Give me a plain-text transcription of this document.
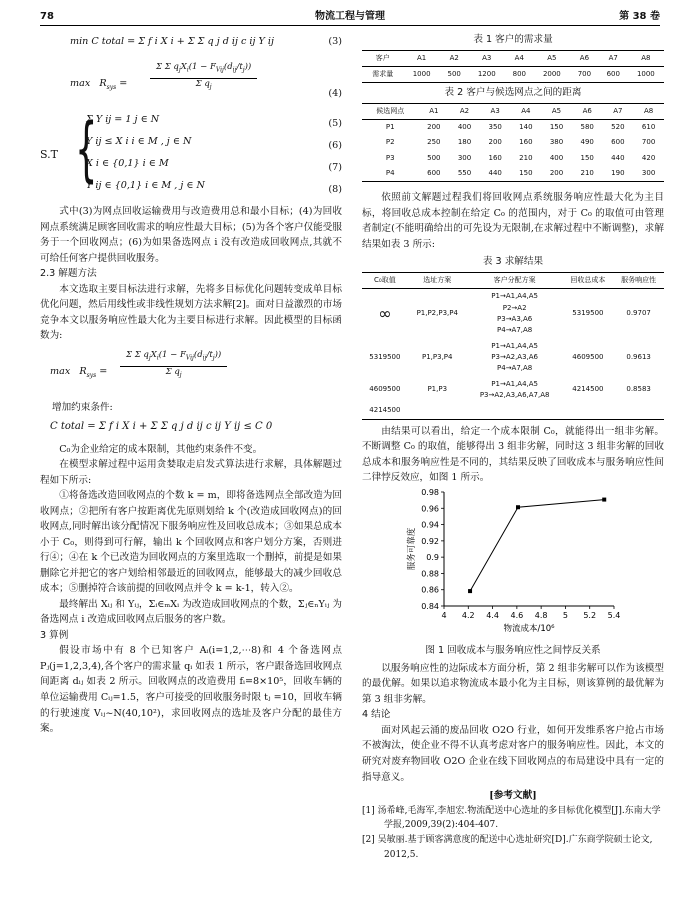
78	物流工程与管理	第 38 卷
min C total = Σ f i X i + Σ Σ q j d ij c ij Y ij	(3)
$\max R_{sys}$ =
Σ Σ $q_jX_i(1 - F_{Vij}(d_{ij}/t_j))$
Σ $q_j$
(4)
S.T {
Σ Y ij = 1 j ∈ N	(5)
Y ij ≤ X i i ∈ M , j ∈ N	(6)
X i ∈ {0,1} i ∈ M	(7)
Y ij ∈ {0,1} i ∈ M , j ∈ N	(8)

式中(3)为网点回收运输费用与改造费用总和最小目标；(4)为回收网点系统满足顾客回收需求的响应性最大目标；(5)为各个客户仅能受服务于一个回收网点；(6)为如果备选网点 i 没有改造成回收网点,其就不可给任何客户提供回收服务。

2.3 解题方法

本文选取主要目标法进行求解，先将多目标优化问题转变成单目标优化问题，然后用线性或非线性规划方法求解[2]。面对日益激烈的市场竞争本文以服务响应性最大化为主要目标进行求解。因此模型的目标函数为:

$\max R_{sys}$ =
Σ Σ $q_jX_i(1 - F_{Vij}(d_{ij}/t_j))$
Σ $q_j$

增加约束条件:

C total = Σ f i X i + Σ Σ q j d ij c ij Y ij ≤ C 0

C₀为企业给定的成本限制，其他约束条件不变。

在模型求解过程中运用贪婪取走启发式算法进行求解，具体解题过程如下所示:

①将备选改造回收网点的个数 k = m，即将备选网点全部改造为回收网点；②把所有客户按距离优先原则划给 k 个(改造成回收网点)的回收网点,同时解出该分配情况下服务响应性及回收总成本；③如果总成本小于 C₀，则得到可行解，输出 k 个回收网点和客户划分方案，否则进行④；④在 k 个已改造为回收网点的方案里选取一个删掉，前提是如果删除它并把它的客户划给相邻最近的回收网点，能够最大的减少回收总成本；⑤删掉符合该前提的回收网点并令 k = k-1，转入②。

最终解出 Xᵢⱼ 和 Yᵢⱼ，Σᵢ∈ₘXᵢ 为改造成回收网点的个数，Σⱼ∈ₙYᵢⱼ 为备选网点 i 改造成回收网点后服务的客户数。

3 算例

假设市场中有 8 个已知客户 Aᵢ(i=1,2,⋯8)和 4 个备选网点 Pⱼ(j=1,2,3,4),各个客户的需求量 qᵢ 如表 1 所示，客户跟备选回收网点间距离 dᵢⱼ 如表 2 所示。回收网点的改造费用 fᵢ=8×10⁵，回收车辆的单位运输费用 Cᵢⱼ=1.5，客户可接受的回收服务时限 tⱼ =10，回收车辆的行驶速度 Vᵢⱼ~N(40,10²)，求回收网点的选址及客户分配的最佳方案。

表 1 客户的需求量

客户	A1	A2	A3	A4	A5	A6	A7	A8
需求量	1000	500	1200	800	2000	700	600	1000

表 2 客户与候选网点之间的距离

候选网点	A1	A2	A3	A4	A5	A6	A7	A8
P1	200	400	350	140	150	580	520	610
P2	250	180	200	160	380	490	600	700
P3	500	300	160	210	400	150	440	420
P4	600	550	440	150	200	210	190	300

依照前文解题过程我们将回收网点系统服务响应性最大化为主目标，将回收总成本控制在给定 C₀ 的范围内，对于 C₀ 的取值可由管理者制定(不能明确给出的可先设为无限制,在求解过程中不断调整)，求解结果如表 3 所示:

表 3 求解结果

C₀取值	选址方案	客户分配方案	回收总成本	服务响应性
∞	P1,P2,P3,P4	P1→A1,A4,A5
P2→A2
P3→A3,A6
P4→A7,A8	5319500	0.9707
5319500	P1,P3,P4	P1→A1,A4,A5
P3→A2,A3,A6
P4→A7,A8	4609500	0.9613
4609500	P1,P3	P1→A1,A4,A5
P3→A2,A3,A6,A7,A8	4214500	0.8583
4214500				

由结果可以看出，给定一个成本限制 C₀，就能得出一组非劣解。不断调整 C₀ 的取值，能够得出 3 组非劣解，同时这 3 组非劣解的回收总成本和服务响应性是不同的，其结果反映了回收成本与服务响应性间二律悖反效应，如图 1 所示。

4 4.2 4.4 4.6 4.8 5 5.2 5.4
0.84
0.86
0.88
0.9
0.92
0.94
0.96
0.98
物流成本/10⁶
服务可靠度

图 1 回收成本与服务响应性之间悖反关系

以服务响应性的边际成本方面分析，第 2 组非劣解可以作为该模型的最优解。如果以追求物流成本最小化为主目标，则该算例的最优解为第 3 组非劣解。

4 结论

面对风起云涌的废品回收 O2O 行业，如何开发维系客户抢占市场不被淘汰，使企业不得不认真考虑对客户的服务响应性。因此，本文的研究对废弃物回收 O2O 企业在线下回收网点的布局建设中具有一定的指导意义。

[参考文献]

[1] 汤希峰,毛海军,李旭宏.物流配送中心选址的多目标优化模型[J].东南大学学报,2009,39(2):404-407.

[2] 吴敏丽.基于顾客满意度的配送中心选址研究[D].广东商学院硕士论文, 2012,5.
